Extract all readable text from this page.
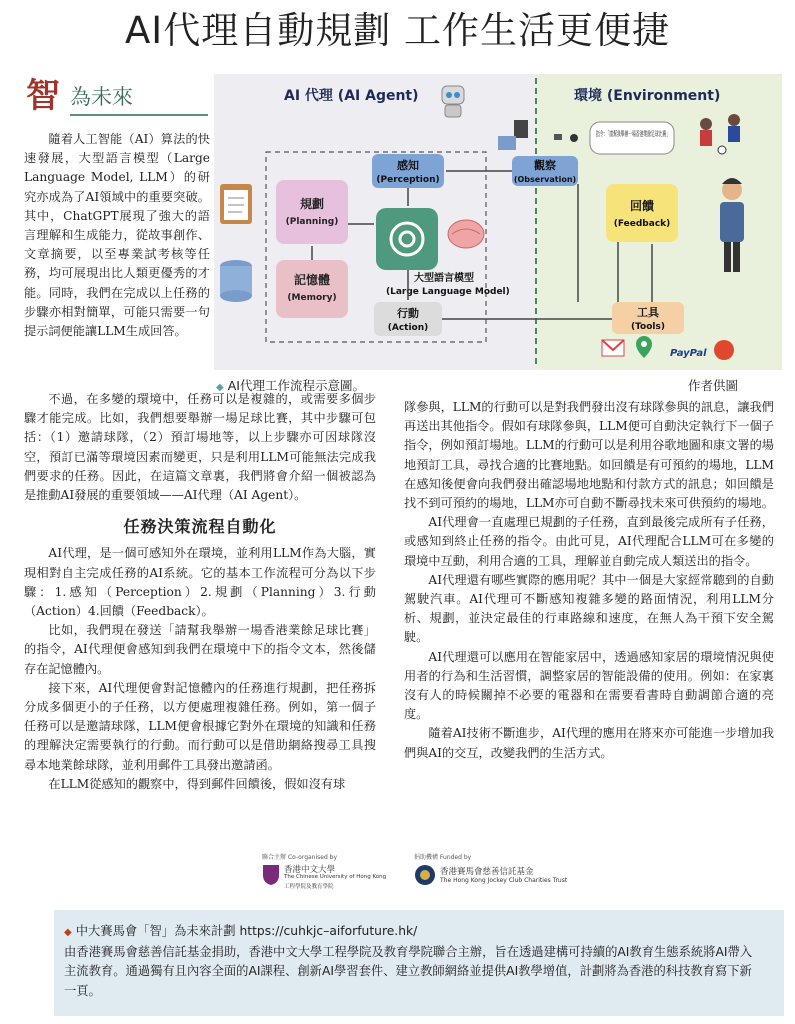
AI代理自動規劃 工作生活更便捷
智 為未來

隨着人工智能（AI）算法的快速發展，大型語言模型（Large Language Model, LLM）的研究亦成為了AI領域中的重要突破。其中，ChatGPT展現了強大的語言理解和生成能力，從故事創作、文章摘要，以至專業試考核等任務，均可展現出比人類更優秀的才能。同時，我們在完成以上任務的步驟亦相對簡單，可能只需要一句提示詞便能讓LLM生成回答。

不過，在多變的環境中，任務可以是複雜的，或需要多個步驟才能完成。比如，我們想要舉辦一場足球比賽，其中步驟可包括：（1）邀請球隊，（2）預訂場地等，以上步驟亦可因球隊沒空，預訂已滿等環境因素而變更，只是利用LLM可能無法完成我們要求的任務。因此，在這篇文章裏，我們將會介紹一個被認為是推動AI發展的重要領域——AI代理（AI Agent）。

任務決策流程自動化

AI代理，是一個可感知外在環境，並利用LLM作為大腦，實現相對自主完成任務的AI系統。它的基本工作流程可分為以下步驟：1.感知（Perception）2.規劃（Planning）3.行動（Action）4.回饋（Feedback）。

比如，我們現在發送「請幫我舉辦一場香港業餘足球比賽」的指令，AI代理便會感知到我們在環境中下的指令文本，然後儲存在記憶體內。

接下來，AI代理便會對記憶體內的任務進行規劃，把任務拆分成多個更小的子任務，以方便處理複雜任務。例如，第一個子任務可以是邀請球隊，LLM便會根據它對外在環境的知識和任務的理解決定需要執行的行動。而行動可以是借助網絡搜尋工具搜尋本地業餘球隊，並利用郵件工具發出邀請函。

在LLM從感知的觀察中，得到郵件回饋後，假如沒有球

隊參與，LLM的行動可以是對我們發出沒有球隊參與的訊息，讓我們再送出其他指令。假如有球隊參與，LLM便可自動決定執行下一個子指令，例如預訂場地。LLM的行動可以是利用谷歌地圖和康文署的場地預訂工具，尋找合適的比賽地點。如回饋是有可預約的場地，LLM在感知後便會向我們發出確認場地地點和付款方式的訊息；如回饋是找不到可預約的場地，LLM亦可自動不斷尋找未來可供預約的場地。

AI代理會一直處理已規劃的子任務，直到最後完成所有子任務，或感知到終止任務的指令。由此可見，AI代理配合LLM可在多變的環境中互動，利用合適的工具，理解並自動完成人類送出的指令。

AI代理還有哪些實際的應用呢？其中一個是大家經常聽到的自動駕駛汽車。AI代理可不斷感知複雜多變的路面情況，利用LLM分析、規劃，並決定最佳的行車路線和速度，在無人為干預下安全駕駛。

AI代理還可以應用在智能家居中，透過感知家居的環境情況與使用者的行為和生活習慣，調整家居的智能設備的使用。例如：在家裏沒有人的時候關掉不必要的電器和在需要看書時自動調節合適的亮度。

隨着AI技術不斷進步，AI代理的應用在將來亦可能進一步增加我們與AI的交互，改變我們的生活方式。

AI 代理 (AI Agent)	環境 (Environment)
規劃
(Planning)
記憶體
(Memory)
感知
(Perception)
大型語言模型
(Large Language Model)
行動
(Action)
指令：「請幫我舉辦一場香港業餘足球比賽」
觀察
(Observation)
回饋
(Feedback)
工具
(Tools)
PayPal
◆ AI代理工作流程示意圖。	作者供圖
聯合主辦 Co-organised by
香港中文大學
The Chinese University of Hong Kong
工程學院及教育學院
捐助機構 Funded by
香港賽馬會慈善信託基金
The Hong Kong Jockey Club Charities Trust
◆ 中大賽馬會「智」為未來計劃 https://cuhkjc–aiforfuture.hk/
由香港賽馬會慈善信託基金捐助，香港中文大學工程學院及教育學院聯合主辦，旨在透過建構可持續的AI教育生態系統將AI帶入主流教育。通過獨有且內容全面的AI課程、創新AI學習套件、建立教師網絡並提供AI教學增值，計劃將為香港的科技教育寫下新一頁。
